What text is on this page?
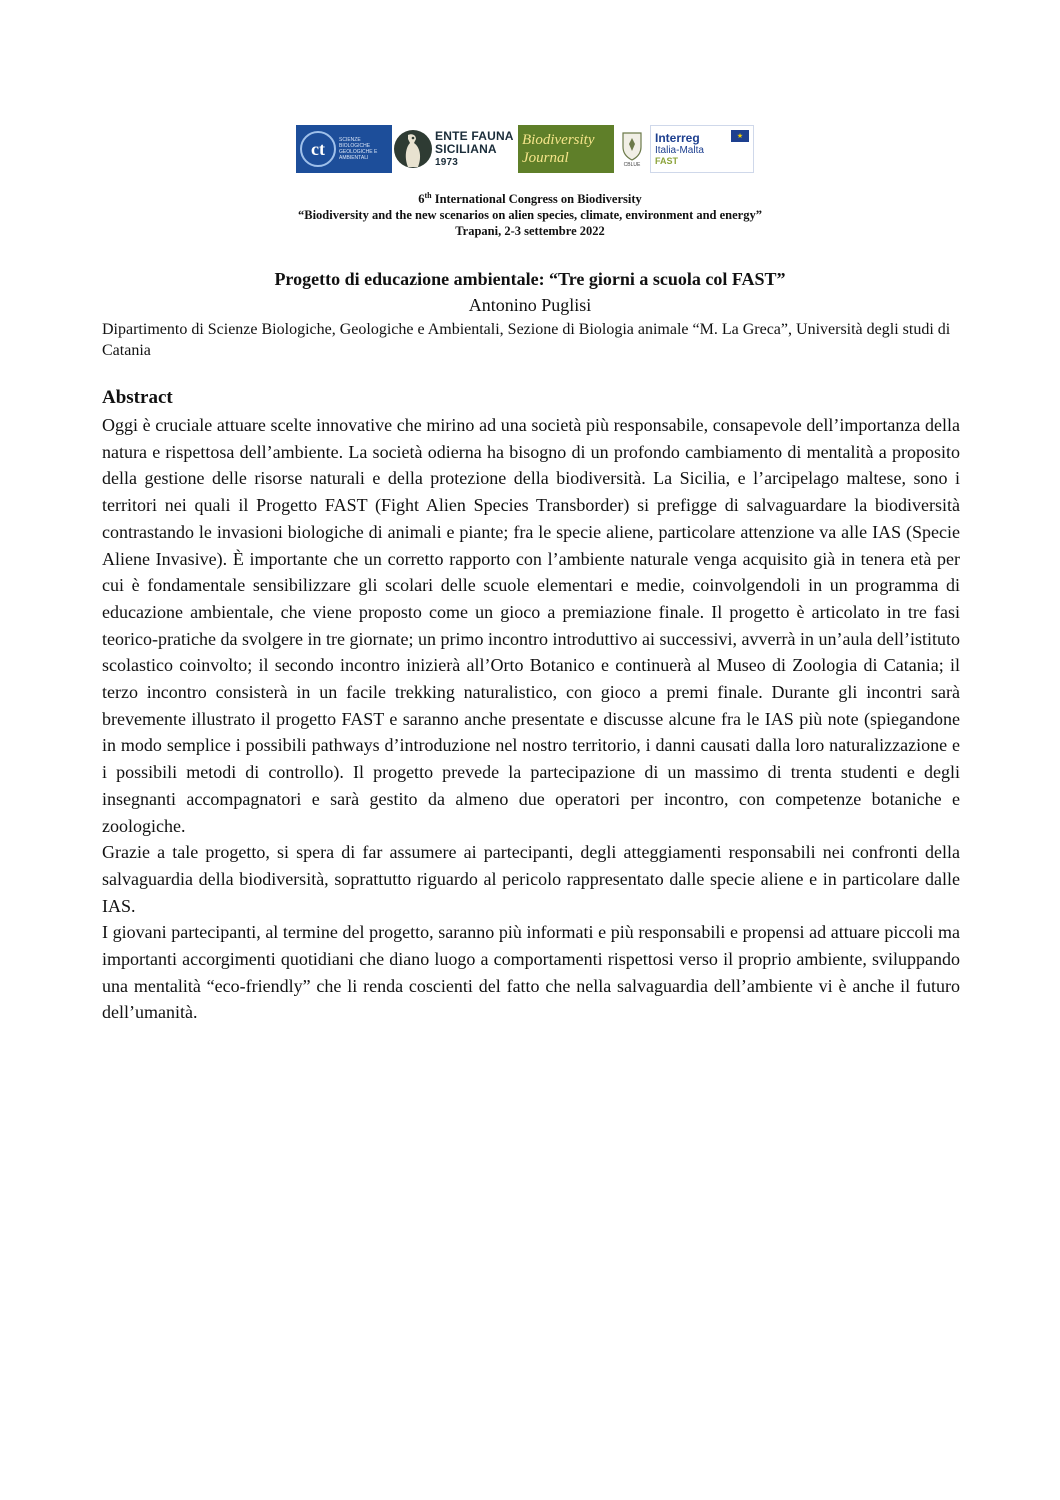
ct	SCIENZE BIOLOGICHE GEOLOGICHE E AMBIENTALI
ENTE FAUNA
SICILIANA
1973
Biodiversity
Journal	CBLUE
★
Interreg
Italia-Malta
FAST
6th International Congress on Biodiversity
“Biodiversity and the new scenarios on alien species, climate, environment and energy”
Trapani, 2-3 settembre 2022
Progetto di educazione ambientale: “Tre giorni a scuola col FAST”
Antonino Puglisi
Dipartimento di Scienze Biologiche, Geologiche e Ambientali, Sezione di Biologia animale “M. La Greca”, Università degli studi di Catania
Abstract

Oggi è cruciale attuare scelte innovative che mirino ad una società più responsabile, consapevole dell’importanza della natura e rispettosa dell’ambiente. La società odierna ha bisogno di un profondo cambiamento di mentalità a proposito della gestione delle risorse naturali e della protezione della biodiversità. La Sicilia, e l’arcipelago maltese, sono i territori nei quali il Progetto FAST (Fight Alien Species Transborder) si prefigge di salvaguardare la biodiversità contrastando le invasioni biologiche di animali e piante; fra le specie aliene, particolare attenzione va alle IAS (Specie Aliene Invasive). È importante che un corretto rapporto con l’ambiente naturale venga acquisito già in tenera età per cui è fondamentale sensibilizzare gli scolari delle scuole elementari e medie, coinvolgendoli in un programma di educazione ambientale, che viene proposto come un gioco a premiazione finale. Il progetto è articolato in tre fasi teorico-pratiche da svolgere in tre giornate; un primo incontro introduttivo ai successivi, avverrà in un’aula dell’istituto scolastico coinvolto; il secondo incontro inizierà all’Orto Botanico e continuerà al Museo di Zoologia di Catania; il terzo incontro consisterà in un facile trekking naturalistico, con gioco a premi finale. Durante gli incontri sarà brevemente illustrato il progetto FAST e saranno anche presentate e discusse alcune fra le IAS più note (spiegandone in modo semplice i possibili pathways d’introduzione nel nostro territorio, i danni causati dalla loro naturalizzazione e i possibili metodi di controllo). Il progetto prevede la partecipazione di un massimo di trenta studenti e degli insegnanti accompagnatori e sarà gestito da almeno due operatori per incontro, con competenze botaniche e zoologiche.

Grazie a tale progetto, si spera di far assumere ai partecipanti, degli atteggiamenti responsabili nei confronti della salvaguardia della biodiversità, soprattutto riguardo al pericolo rappresentato dalle specie aliene e in particolare dalle IAS.

I giovani partecipanti, al termine del progetto, saranno più informati e più responsabili e propensi ad attuare piccoli ma importanti accorgimenti quotidiani che diano luogo a comportamenti rispettosi verso il proprio ambiente, sviluppando una mentalità “eco-friendly” che li renda coscienti del fatto che nella salvaguardia dell’ambiente vi è anche il futuro dell’umanità.
